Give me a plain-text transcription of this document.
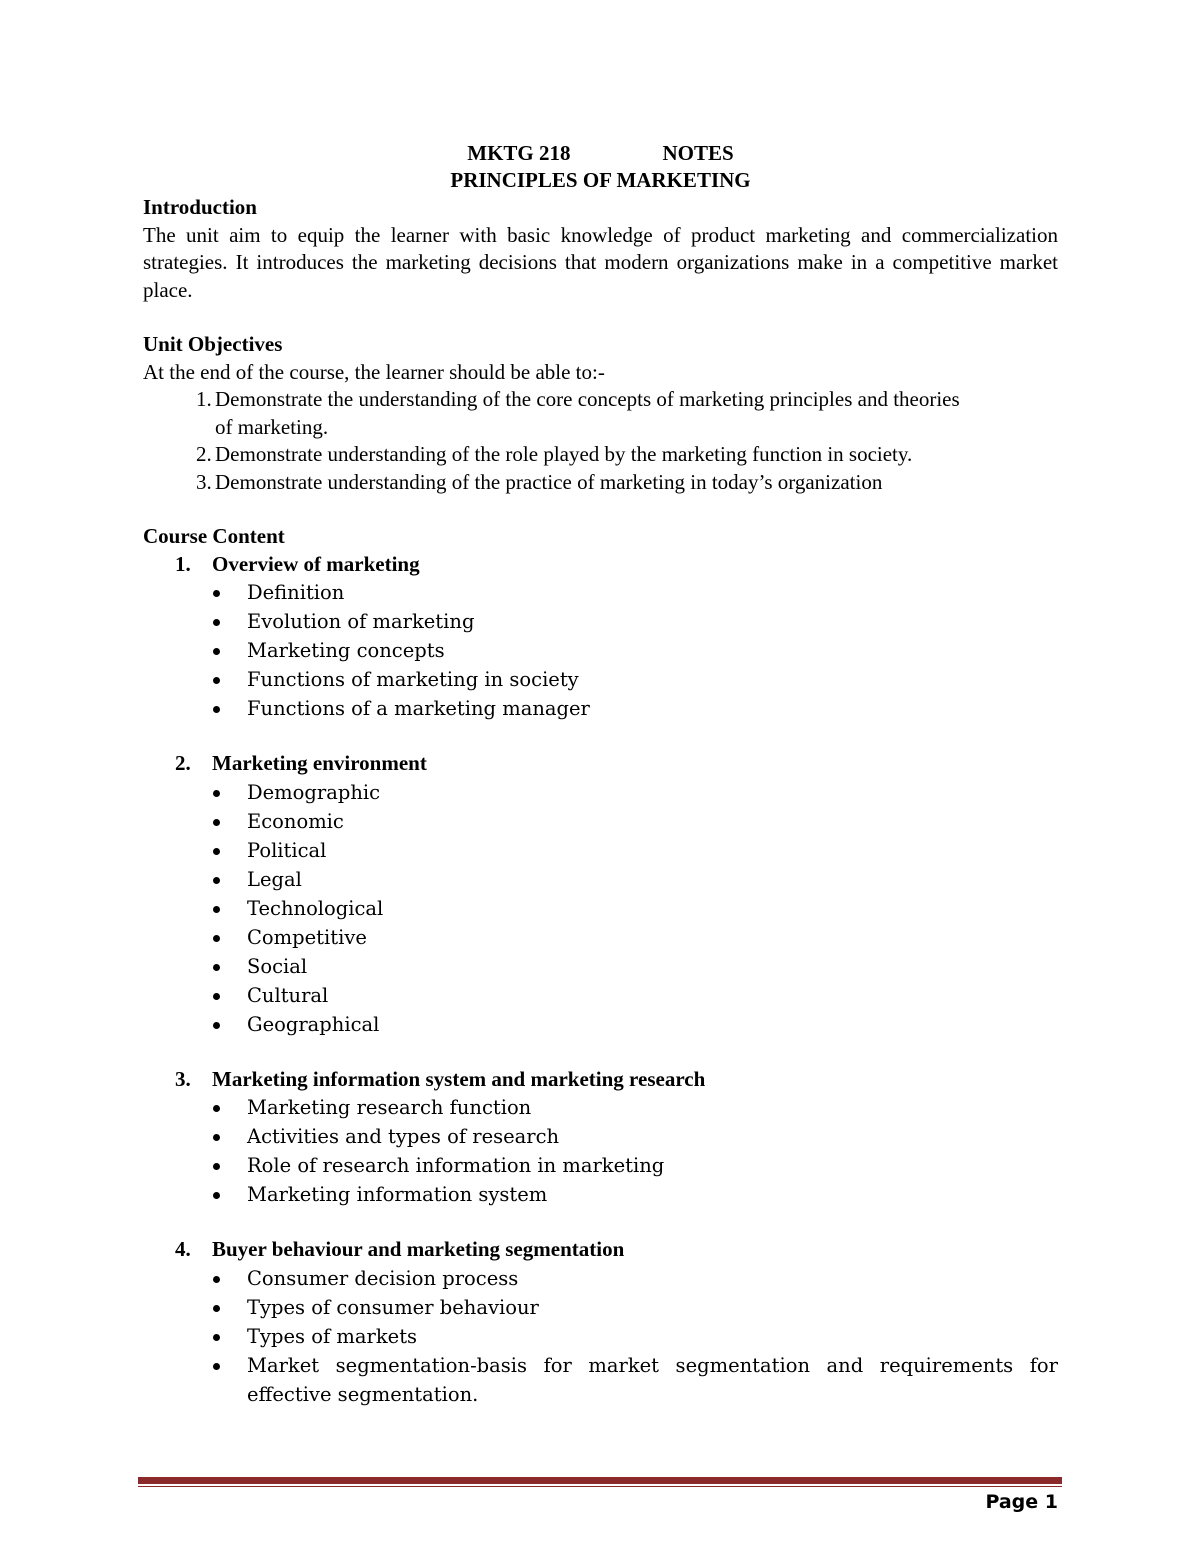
MKTG 218	NOTES
PRINCIPLES OF MARKETING
Introduction
The unit aim to equip the learner with basic knowledge of product marketing and commercialization strategies. It introduces the marketing decisions that modern organizations make in a competitive market place.
Unit Objectives
At the end of the course, the learner should be able to:-
1. Demonstrate the understanding of the core concepts of marketing principles and theories
of marketing.
2. Demonstrate understanding of the role played by the marketing function in society.
3. Demonstrate understanding of the practice of marketing in today’s organization
Course Content
1. Overview of marketing
Definition
Evolution of marketing
Marketing concepts
Functions of marketing in society
Functions of a marketing manager
2. Marketing environment
Demographic
Economic
Political
Legal
Technological
Competitive
Social
Cultural
Geographical
3. Marketing information system and marketing research
Marketing research function
Activities and types of research
Role of research information in marketing
Marketing information system
4. Buyer behaviour and marketing segmentation
Consumer decision process
Types of consumer behaviour
Types of markets
Market segmentation-basis for market segmentation and requirements for effective segmentation.
Page 1
